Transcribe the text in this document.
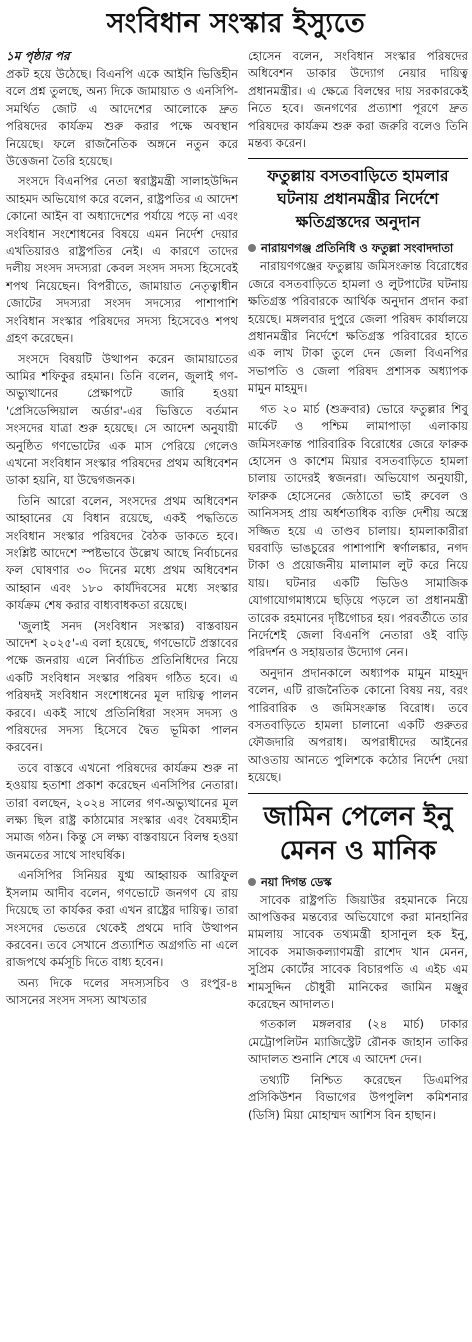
সংবিধান সংস্কার ইস্যুতে
১ম পৃষ্ঠার পর

প্রকট হয়ে উঠেছে। বিএনপি একে আইনি ভিত্তিহীন বলে প্রশ্ন তুলছে, অন্য দিকে জামায়াত ও এনসিপি-সমর্থিত জোট এ আদেশের আলোকে দ্রুত পরিষদের কার্যক্রম শুরু করার পক্ষে অবস্থান নিয়েছে। ফলে রাজনৈতিক অঙ্গনে নতুন করে উত্তেজনা তৈরি হয়েছে।

সংসদে বিএনপির নেতা স্বরাষ্ট্রমন্ত্রী সালাহউদ্দিন আহমদ অভিযোগ করে বলেন, রাষ্ট্রপতির এ আদেশ কোনো আইন বা অধ্যাদেশের পর্যায়ে পড়ে না এবং সংবিধান সংশোধনের বিষয়ে এমন নির্দেশ দেয়ার এখতিয়ারও রাষ্ট্রপতির নেই। এ কারণে তাদের দলীয় সংসদ সদস্যরা কেবল সংসদ সদস্য হিসেবেই শপথ নিয়েছেন। বিপরীতে, জামায়াত নেতৃত্বাধীন জোটের সদস্যরা সংসদ সদস্যের পাশাপাশি সংবিধান সংস্কার পরিষদের সদস্য হিসেবেও শপথ গ্রহণ করেছেন।

সংসদে বিষয়টি উত্থাপন করেন জামায়াতের আমির শফিকুর রহমান। তিনি বলেন, জুলাই গণ-অভ্যুত্থানের প্রেক্ষাপটে জারি হওয়া 'প্রেসিডেন্সিয়াল অর্ডার'-এর ভিত্তিতে বর্তমান সংসদের যাত্রা শুরু হয়েছে। সে আদেশ অনুযায়ী অনুষ্ঠিত গণভোটের এক মাস পেরিয়ে গেলেও এখনো সংবিধান সংস্কার পরিষদের প্রথম অধিবেশন ডাকা হয়নি, যা উদ্বেগজনক।

তিনি আরো বলেন, সংসদের প্রথম অধিবেশন আহ্বানের যে বিধান রয়েছে, একই পদ্ধতিতে সংবিধান সংস্কার পরিষদের বৈঠক ডাকতে হবে। সংশ্লিষ্ট আদেশে স্পষ্টভাবে উল্লেখ আছে নির্বাচনের ফল ঘোষণার ৩০ দিনের মধ্যে প্রথম অধিবেশন আহ্বান এবং ১৮০ কার্যদিবসের মধ্যে সংস্কার কার্যক্রম শেষ করার বাধ্যবাধকতা রয়েছে।

'জুলাই সনদ (সংবিধান সংস্কার) বাস্তবায়ন আদেশ ২০২৫'-এ বলা হয়েছে, গণভোটে প্রস্তাবের পক্ষে জনরায় এলে নির্বাচিত প্রতিনিধিদের নিয়ে একটি সংবিধান সংস্কার পরিষদ গঠিত হবে। এ পরিষদই সংবিধান সংশোধনের মূল দায়িত্ব পালন করবে। একই সাথে প্রতিনিধিরা সংসদ সদস্য ও পরিষদের সদস্য হিসেবে দ্বৈত ভূমিকা পালন করবেন।

তবে বাস্তবে এখনো পরিষদের কার্যক্রম শুরু না হওয়ায় হতাশা প্রকাশ করেছেন এনসিপির নেতারা। তারা বলছেন, ২০২৪ সালের গণ-অভ্যুত্থানের মূল লক্ষ্য ছিল রাষ্ট্র কাঠামোর সংস্কার এবং বৈষম্যহীন সমাজ গঠন। কিন্তু সে লক্ষ্য বাস্তবায়নে বিলম্ব হওয়া জনমতের সাথে সাংঘর্ষিক।

এনসিপির সিনিয়র যুগ্ম আহ্বায়ক আরিফুল ইসলাম আদীব বলেন, গণভোটে জনগণ যে রায় দিয়েছে তা কার্যকর করা এখন রাষ্ট্রের দায়িত্ব। তারা সংসদের ভেতরে থেকেই প্রথমে দাবি উত্থাপন করবেন। তবে সেখানে প্রত্যাশিত অগ্রগতি না এলে রাজপথে কর্মসূচি দিতে বাধ্য হবেন।

অন্য দিকে দলের সদস্যসচিব ও রংপুর-৪ আসনের সংসদ সদস্য আখতার

হোসেন বলেন, সংবিধান সংস্কার পরিষদের অধিবেশন ডাকার উদ্যোগ নেয়ার দায়িত্ব প্রধানমন্ত্রীর। এ ক্ষেত্রে বিলম্বের দায় সরকারকেই নিতে হবে। জনগণের প্রত্যাশা পূরণে দ্রুত পরিষদের কার্যক্রম শুরু করা জরুরি বলেও তিনি মন্তব্য করেন।

ফতুল্লায় বসতবাড়িতে হামলার ঘটনায় প্রধানমন্ত্রীর নির্দেশে ক্ষতিগ্রস্তদের অনুদান
নারায়ণগঞ্জ প্রতিনিধি ও ফতুল্লা সংবাদদাতা

নারায়ণগঞ্জের ফতুল্লায় জমিসংক্রান্ত বিরোধের জেরে বসতবাড়িতে হামলা ও লুটপাটের ঘটনায় ক্ষতিগ্রস্ত পরিবারকে আর্থিক অনুদান প্রদান করা হয়েছে। মঙ্গলবার দুপুরে জেলা পরিষদ কার্যালয়ে প্রধানমন্ত্রীর নির্দেশে ক্ষতিগ্রস্ত পরিবারের হাতে এক লাখ টাকা তুলে দেন জেলা বিএনপির সভাপতি ও জেলা পরিষদ প্রশাসক অধ্যাপক মামুন মাহমুদ।

গত ২০ মার্চ (শুক্রবার) ভোরে ফতুল্লার শিবু মার্কেট ও পশ্চিম লামাপাড়া এলাকায় জমিসংক্রান্ত পারিবারিক বিরোধের জেরে ফারুক হোসেন ও কাশেম মিয়ার বসতবাড়িতে হামলা চালায় তাদেরই স্বজনরা। অভিযোগ অনুযায়ী, ফারুক হোসেনের জেঠাতো ভাই রুবেল ও আনিসসহ প্রায় অর্ধশতাধিক ব্যক্তি দেশীয় অস্ত্রে সজ্জিত হয়ে এ তাণ্ডব চালায়। হামলাকারীরা ঘরবাড়ি ভাঙচুরের পাশাপাশি স্বর্ণালঙ্কার, নগদ টাকা ও প্রয়োজনীয় মালামাল লুট করে নিয়ে যায়। ঘটনার একটি ভিডিও সামাজিক যোগাযোগমাধ্যমে ছড়িয়ে পড়লে তা প্রধানমন্ত্রী তারেক রহমানের দৃষ্টিগোচর হয়। পরবর্তীতে তার নির্দেশেই জেলা বিএনপি নেতারা ওই বাড়ি পরিদর্শন ও সহায়তার উদ্যোগ নেন।

অনুদান প্রদানকালে অধ্যাপক মামুন মাহমুদ বলেন, এটি রাজনৈতিক কোনো বিষয় নয়, বরং পারিবারিক ও জমিসংক্রান্ত বিরোধ। তবে বসতবাড়িতে হামলা চালানো একটি গুরুতর ফৌজদারি অপরাধ। অপরাধীদের আইনের আওতায় আনতে পুলিশকে কঠোর নির্দেশ দেয়া হয়েছে।

জামিন পেলেন ইনু মেনন ও মানিক
নয়া দিগন্ত ডেস্ক

সাবেক রাষ্ট্রপতি জিয়াউর রহমানকে নিয়ে আপত্তিকর মন্তব্যের অভিযোগে করা মানহানির মামলায় সাবেক তথ্যমন্ত্রী হাসানুল হক ইনু, সাবেক সমাজকল্যাণমন্ত্রী রাশেদ খান মেনন, সুপ্রিম কোর্টের সাবেক বিচারপতি এ এইচ এম শামসুদ্দিন চৌধুরী মানিকের জামিন মঞ্জুর করেছেন আদালত।

গতকাল মঙ্গলবার (২৪ মার্চ) ঢাকার মেট্রোপলিটন ম্যাজিস্ট্রেট রৌনক জাহান তাকির আদালত শুনানি শেষে এ আদেশ দেন।

তথ্যটি নিশ্চিত করেছেন ডিএমপির প্রসিকিউশন বিভাগের উপপুলিশ কমিশনার (ডিসি) মিয়া মোহাম্মদ আশিস বিন হাছান।
